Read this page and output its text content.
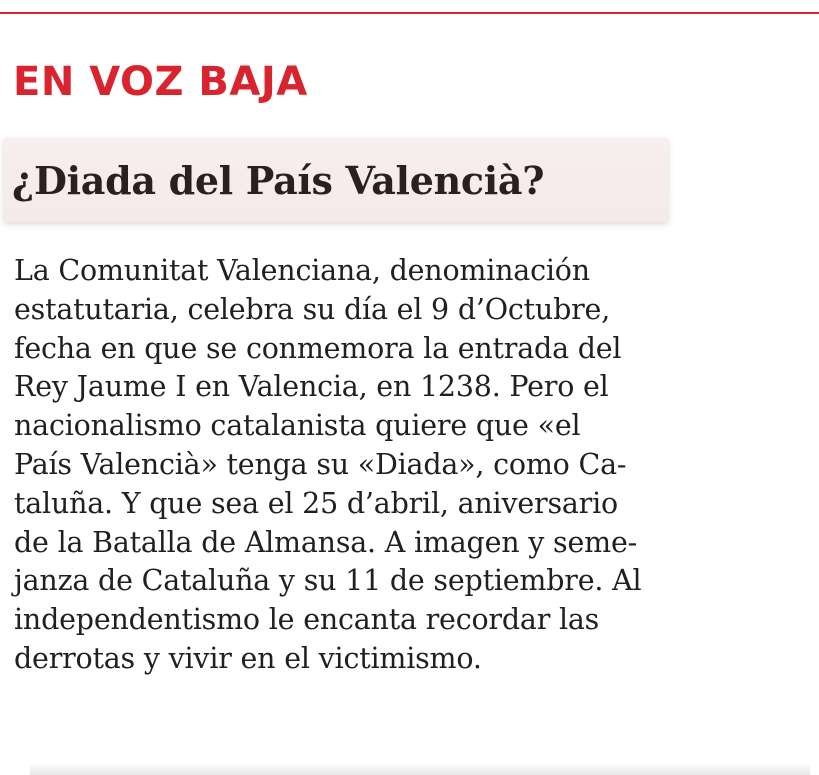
EN VOZ BAJA
¿Diada del País Valencià?

La Comunitat Valenciana, denominación
estatutaria, celebra su día el 9 d’Octubre,
fecha en que se conmemora la entrada del
Rey Jaume I en Valencia, en 1238. Pero el
nacionalismo catalanista quiere que «el
País Valencià» tenga su «Diada», como Ca-
taluña. Y que sea el 25 d’abril, aniversario
de la Batalla de Almansa. A imagen y seme-
janza de Cataluña y su 11 de septiembre. Al
independentismo le encanta recordar las
derrotas y vivir en el victimismo.
